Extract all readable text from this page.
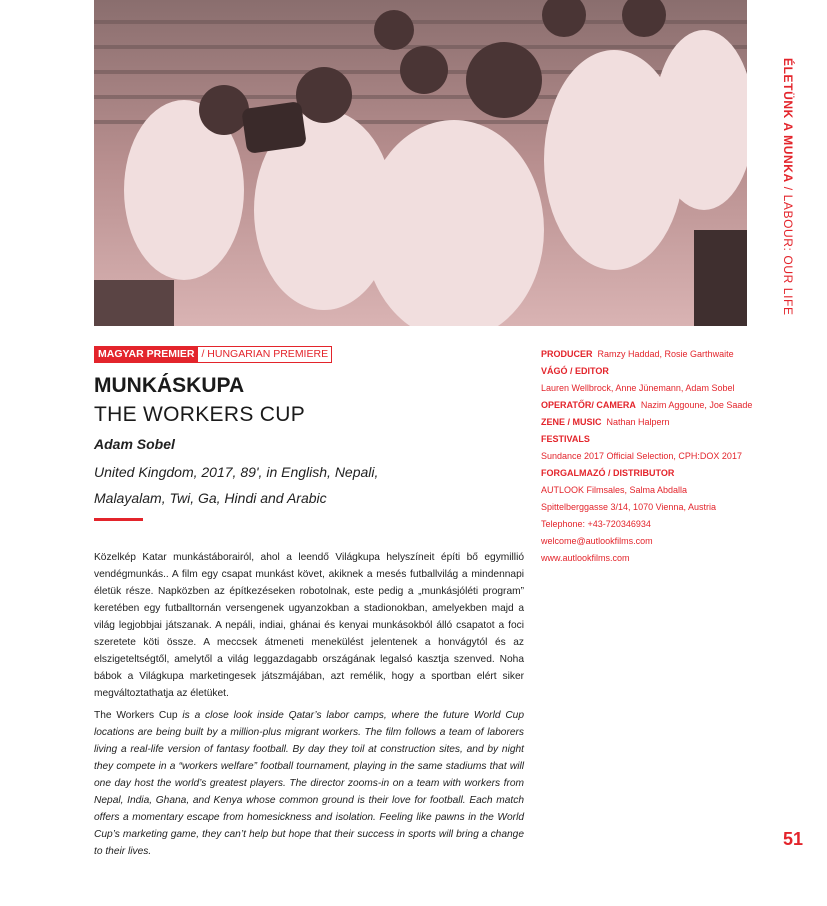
ÉLETÜNK A MUNKA / LABOUR: OUR LIFE
MAGYAR PREMIER / HUNGARIAN PREMIERE
MUNKÁSKUPA
THE WORKERS CUP
Adam Sobel
United Kingdom, 2017, 89', in English, Nepali,
Malayalam, Twi, Ga, Hindi and Arabic

Közelkép Katar munkástáborairól, ahol a leendő Világkupa helyszíneit építi bő egymillió vendégmunkás.. A film egy csapat munkást követ, akiknek a mesés futballvilág a mindennapi életük része. Napközben az építkezéseken robotolnak, este pedig a „munkásjóléti program” keretében egy futballtornán versengenek ugyanzokban a stadionokban, amelyekben majd a világ legjobbjai játszanak. A nepáli, indiai, ghánai és kenyai munkásokból álló csapatot a foci szeretete köti össze. A meccsek átmeneti menekülést jelentenek a honvágytól és az elszigeteltségtől, amelytől a világ leggazdagabb országának legalsó kasztja szenved. Noha bábok a Világkupa marketingesek játszmájában, azt remélik, hogy a sportban elért siker megváltoztathatja az életüket.

The Workers Cup is a close look inside Qatar’s labor camps, where the future World Cup locations are being built by a million-plus migrant workers. The film follows a team of laborers living a real-life version of fantasy football. By day they toil at construction sites, and by night they compete in a “workers welfare” football tournament, playing in the same stadiums that will one day host the world’s greatest players. The director zooms-in on a team with workers from Nepal, India, Ghana, and Kenya whose common ground is their love for football. Each match offers a momentary escape from homesickness and isolation. Feeling like pawns in the World Cup’s marketing game, they can’t help but hope that their success in sports will bring a change to their lives.

PRODUCER Ramzy Haddad, Rosie Garthwaite
VÁGÓ / EDITOR
Lauren Wellbrock, Anne Jünemann, Adam Sobel
OPERATŐR/ CAMERA Nazim Aggoune, Joe Saade
ZENE / MUSIC Nathan Halpern
FESTIVALS
Sundance 2017 Official Selection, CPH:DOX 2017
FORGALMAZÓ / DISTRIBUTOR
AUTLOOK Filmsales, Salma Abdalla
Spittelberggasse 3/14, 1070 Vienna, Austria
Telephone: +43-720346934
welcome@autlookfilms.com
www.autlookfilms.com
51
